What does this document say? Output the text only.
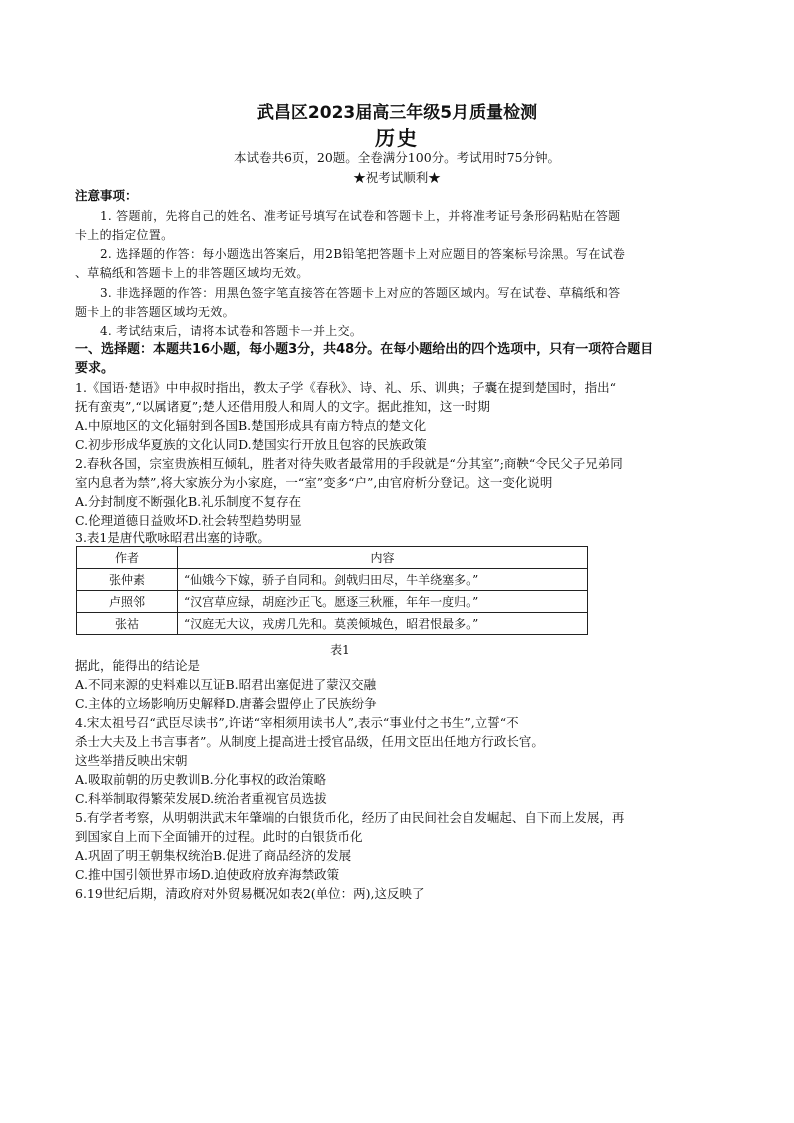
武昌区2023届高三年级5月质量检测
历史
本试卷共6页，20题。全卷满分100分。考试用时75分钟。
★祝考试顺利★
注意事项：
1. 答题前，先将自己的姓名、准考证号填写在试卷和答题卡上，并将准考证号条形码粘贴在答题
卡上的指定位置。
2. 选择题的作答：每小题选出答案后，用2B铅笔把答题卡上对应题目的答案标号涂黑。写在试卷
、草稿纸和答题卡上的非答题区域均无效。
3. 非选择题的作答：用黑色签字笔直接答在答题卡上对应的答题区域内。写在试卷、草稿纸和答
题卡上的非答题区域均无效。
4. 考试结束后，请将本试卷和答题卡一并上交。
一、选择题：本题共16小题，每小题3分，共48分。在每小题给出的四个选项中，只有一项符合题目
要求。
1.《国语·楚语》中申叔时指出，教太子学《春秋》、诗、礼、乐、训典；子囊在提到楚国时，指出“
抚有蛮夷”,“以属诸夏”;楚人还借用殷人和周人的文字。据此推知，这一时期
A.中原地区的文化辐射到各国B.楚国形成具有南方特点的楚文化
C.初步形成华夏族的文化认同D.楚国实行开放且包容的民族政策
2.春秋各国，宗室贵族相互倾轧，胜者对待失败者最常用的手段就是“分其室”;商鞅“令民父子兄弟同
室内息者为禁”,将大家族分为小家庭，一“室”变多“户”,由官府析分登记。这一变化说明
A.分封制度不断强化B.礼乐制度不复存在
C.伦理道德日益败坏D.社会转型趋势明显
3.表1是唐代歌咏昭君出塞的诗歌。
作者	内容
张仲素	“仙娥今下嫁，骄子自同和。剑戟归田尽，牛羊绕塞多。”
卢照邻	“汉宫草应绿，胡庭沙正飞。愿逐三秋雁，年年一度归。”
张祜	“汉庭无大议，戎虏几先和。莫羡倾城色，昭君恨最多。”
表1
据此，能得出的结论是
A.不同来源的史料难以互证B.昭君出塞促进了蒙汉交融
C.主体的立场影响历史解释D.唐蕃会盟停止了民族纷争
4.宋太祖号召“武臣尽读书”,许诺“宰相须用读书人”,表示“事业付之书生”,立誓“不
杀士大夫及上书言事者”。从制度上提高进士授官品级，任用文臣出任地方行政长官。
这些举措反映出宋朝
A.吸取前朝的历史教训B.分化事权的政治策略
C.科举制取得繁荣发展D.统治者重视官员选拔
5.有学者考察，从明朝洪武末年肇端的白银货币化，经历了由民间社会自发崛起、自下而上发展，再
到国家自上而下全面铺开的过程。此时的白银货币化
A.巩固了明王朝集权统治B.促进了商品经济的发展
C.推中国引领世界市场D.迫使政府放弃海禁政策
6.19世纪后期，清政府对外贸易概况如表2(单位：两),这反映了
